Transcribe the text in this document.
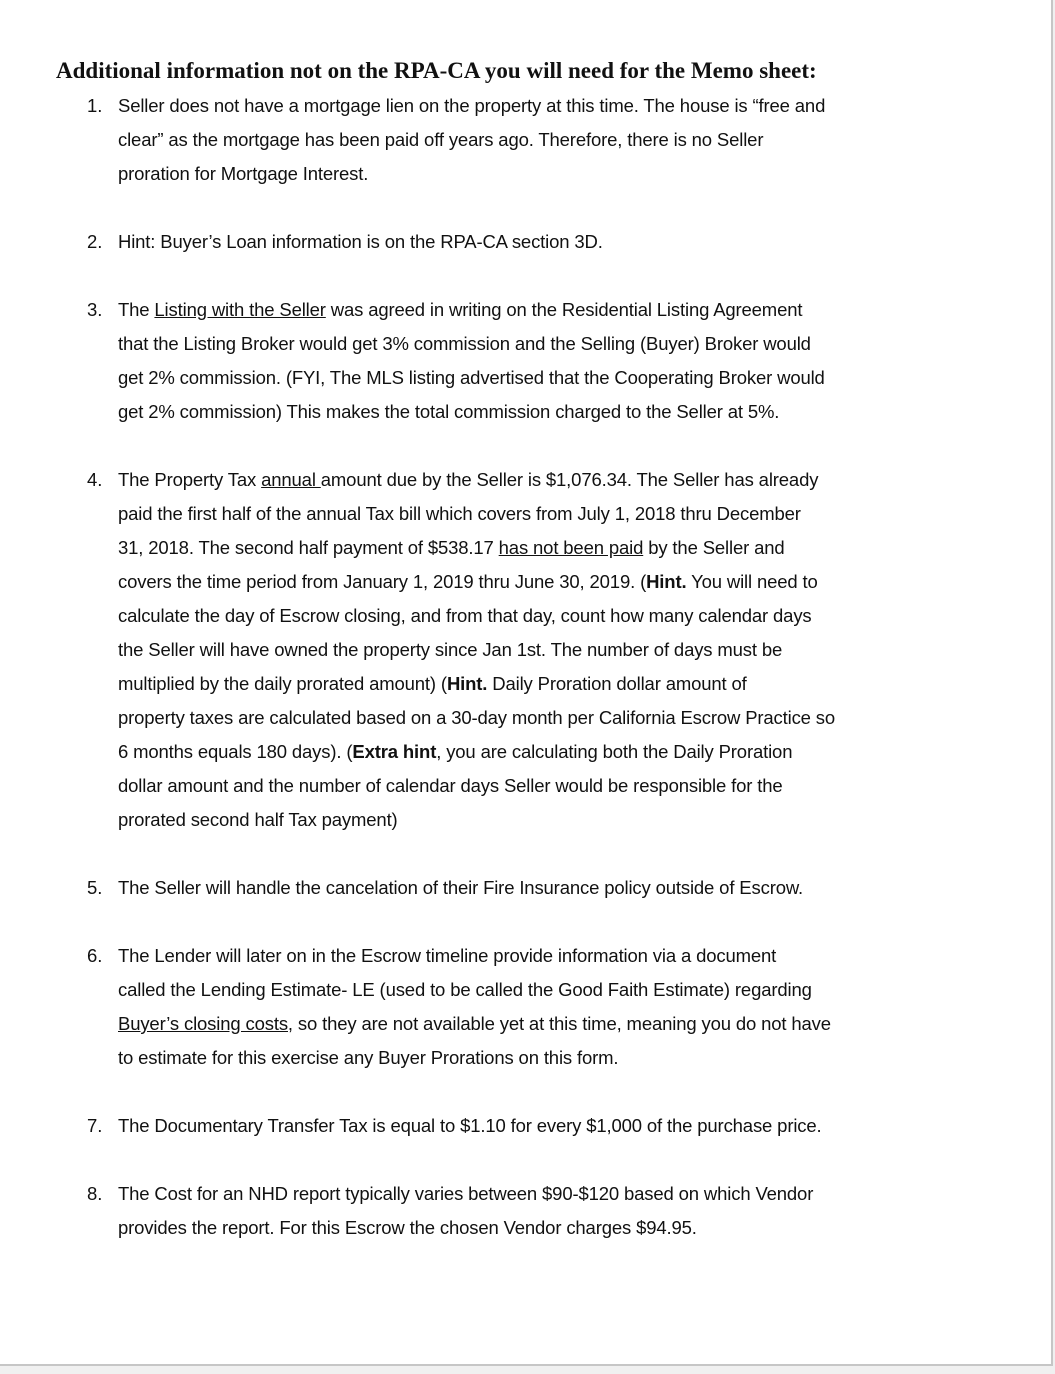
Additional information not on the RPA-CA you will need for the Memo sheet:
1. Seller does not have a mortgage lien on the property at this time. The house is “free and
clear” as the mortgage has been paid off years ago. Therefore, there is no Seller
proration for Mortgage Interest.
2. Hint: Buyer’s Loan information is on the RPA-CA section 3D.
3. The Listing with the Seller was agreed in writing on the Residential Listing Agreement
that the Listing Broker would get 3% commission and the Selling (Buyer) Broker would
get 2% commission. (FYI, The MLS listing advertised that the Cooperating Broker would
get 2% commission) This makes the total commission charged to the Seller at 5%.
4. The Property Tax annual amount due by the Seller is $1,076.34. The Seller has already
paid the first half of the annual Tax bill which covers from July 1, 2018 thru December
31, 2018. The second half payment of $538.17 has not been paid by the Seller and
covers the time period from January 1, 2019 thru June 30, 2019. (Hint. You will need to
calculate the day of Escrow closing, and from that day, count how many calendar days
the Seller will have owned the property since Jan 1st. The number of days must be
multiplied by the daily prorated amount) (Hint. Daily Proration dollar amount of
property taxes are calculated based on a 30-day month per California Escrow Practice so
6 months equals 180 days). (Extra hint, you are calculating both the Daily Proration
dollar amount and the number of calendar days Seller would be responsible for the
prorated second half Tax payment)
5. The Seller will handle the cancelation of their Fire Insurance policy outside of Escrow.
6. The Lender will later on in the Escrow timeline provide information via a document
called the Lending Estimate- LE (used to be called the Good Faith Estimate) regarding
Buyer’s closing costs, so they are not available yet at this time, meaning you do not have
to estimate for this exercise any Buyer Prorations on this form.
7. The Documentary Transfer Tax is equal to $1.10 for every $1,000 of the purchase price.
8. The Cost for an NHD report typically varies between $90-$120 based on which Vendor
provides the report. For this Escrow the chosen Vendor charges $94.95.
